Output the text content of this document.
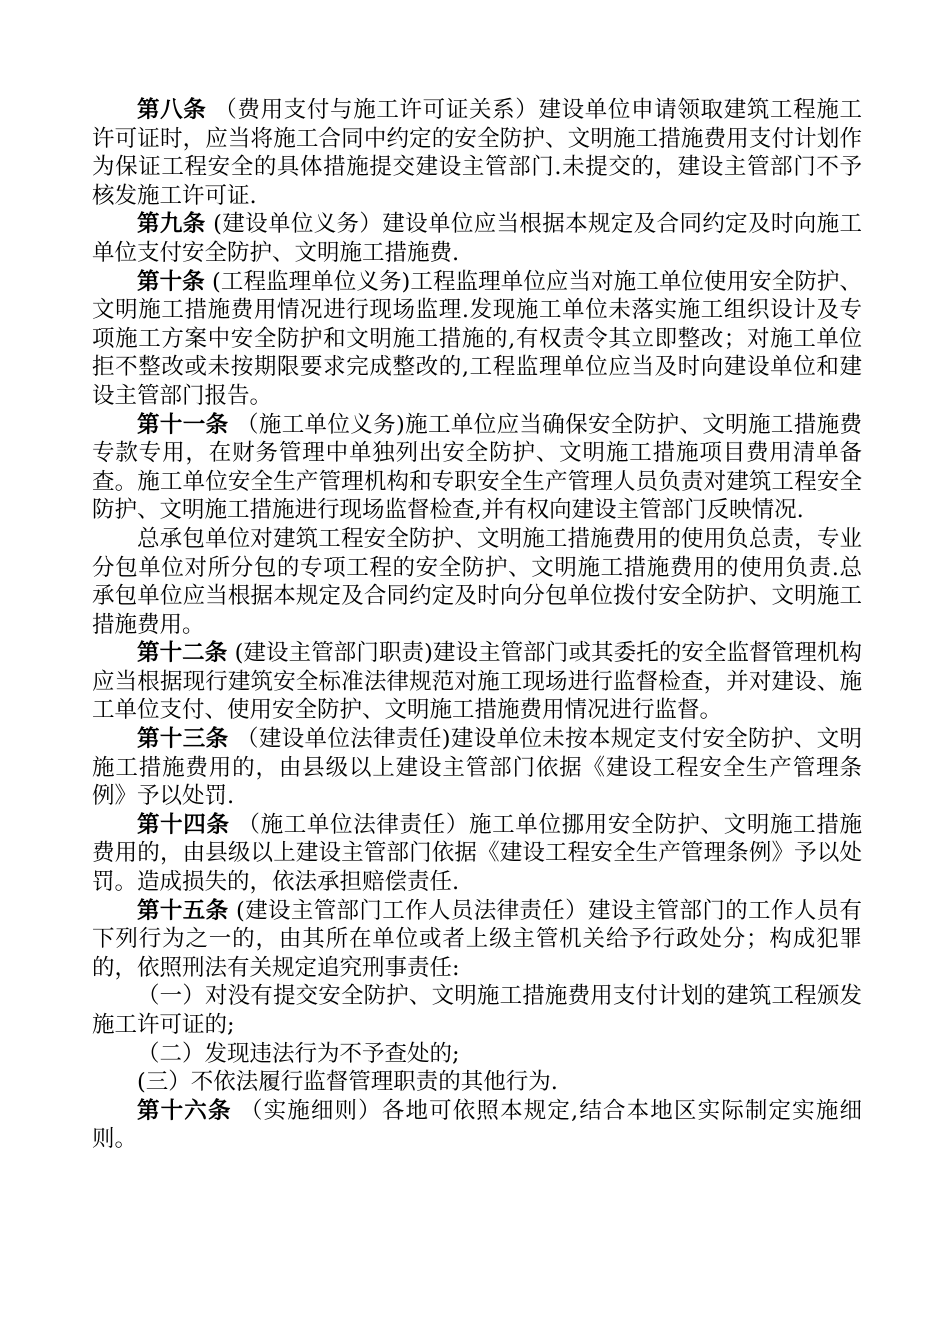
第八条 （费用支付与施工许可证关系）建设单位申请领取建筑工程施工许可证时，应当将施工合同中约定的安全防护、文明施工措施费用支付计划作为保证工程安全的具体措施提交建设主管部门.未提交的，建设主管部门不予核发施工许可证.

第九条 (建设单位义务）建设单位应当根据本规定及合同约定及时向施工单位支付安全防护、文明施工措施费.

第十条 (工程监理单位义务)工程监理单位应当对施工单位使用安全防护、文明施工措施费用情况进行现场监理.发现施工单位未落实施工组织设计及专项施工方案中安全防护和文明施工措施的,有权责令其立即整改；对施工单位拒不整改或未按期限要求完成整改的,工程监理单位应当及时向建设单位和建设主管部门报告。

第十一条 （施工单位义务)施工单位应当确保安全防护、文明施工措施费专款专用，在财务管理中单独列出安全防护、文明施工措施项目费用清单备查。施工单位安全生产管理机构和专职安全生产管理人员负责对建筑工程安全防护、文明施工措施进行现场监督检查,并有权向建设主管部门反映情况.

总承包单位对建筑工程安全防护、文明施工措施费用的使用负总责，专业分包单位对所分包的专项工程的安全防护、文明施工措施费用的使用负责.总承包单位应当根据本规定及合同约定及时向分包单位拨付安全防护、文明施工措施费用。

第十二条 (建设主管部门职责)建设主管部门或其委托的安全监督管理机构应当根据现行建筑安全标准法律规范对施工现场进行监督检查，并对建设、施工单位支付、使用安全防护、文明施工措施费用情况进行监督。

第十三条 （建设单位法律责任)建设单位未按本规定支付安全防护、文明施工措施费用的，由县级以上建设主管部门依据《建设工程安全生产管理条例》予以处罚.

第十四条 （施工单位法律责任）施工单位挪用安全防护、文明施工措施费用的，由县级以上建设主管部门依据《建设工程安全生产管理条例》予以处罚。造成损失的，依法承担赔偿责任.

第十五条 (建设主管部门工作人员法律责任）建设主管部门的工作人员有下列行为之一的，由其所在单位或者上级主管机关给予行政处分；构成犯罪的，依照刑法有关规定追究刑事责任:

（一）对没有提交安全防护、文明施工措施费用支付计划的建筑工程颁发施工许可证的;

（二）发现违法行为不予查处的;

(三）不依法履行监督管理职责的其他行为.

第十六条 （实施细则）各地可依照本规定,结合本地区实际制定实施细则。
